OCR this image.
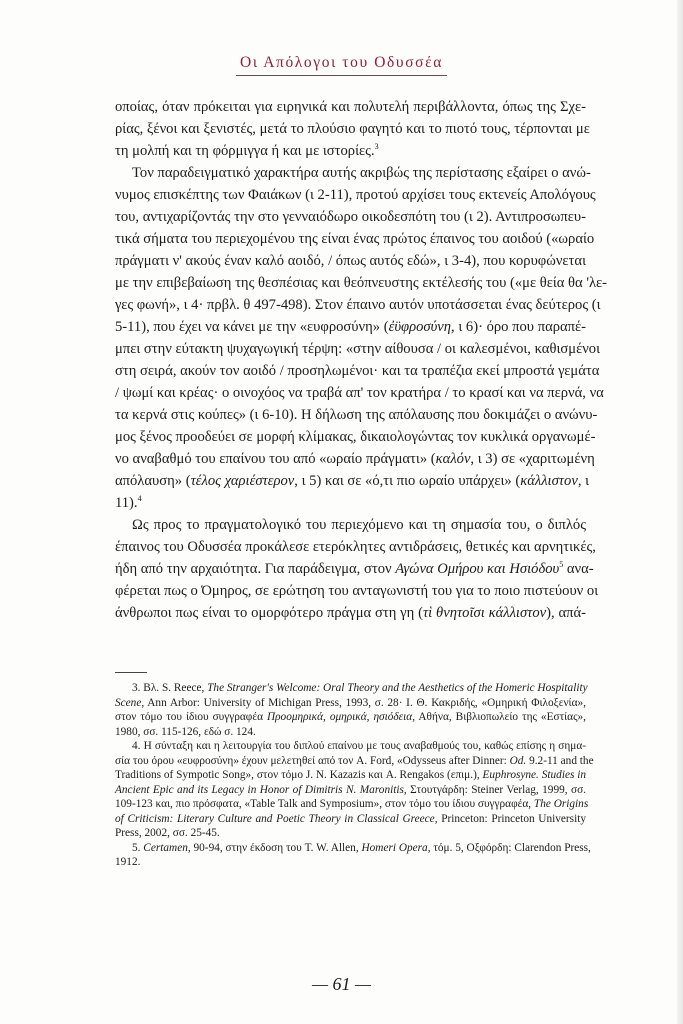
Οι Απόλογοι του Οδυσσέα
οποίας, όταν πρόκειται για ειρηνικά και πολυτελή περιβάλλοντα, όπως της Σχε-
ρίας, ξένοι και ξενιστές, μετά το πλούσιο φαγητό και το πιοτό τους, τέρπονται με
τη μολπή και τη φόρμιγγα ή και με ιστορίες.$^3$
Τον παραδειγματικό χαρακτήρα αυτής ακριβώς της περίστασης εξαίρει ο ανώ-
νυμος επισκέπτης των Φαιάκων (ι 2-11), προτού αρχίσει τους εκτενείς Απολόγους
του, αντιχαρίζοντάς την στο γενναιόδωρο οικοδεσπότη του (ι 2). Αντιπροσωπευ-
τικά σήματα του περιεχομένου της είναι ένας πρώτος έπαινος του αοιδού («ωραίο
πράγματι ν' ακούς έναν καλό αοιδό, / όπως αυτός εδώ», ι 3-4), που κορυφώνεται
με την επιβεβαίωση της θεσπέσιας και θεόπνευστης εκτέλεσής του («με θεία θα 'λε-
γες φωνή», ι 4· πρβλ. θ 497-498). Στον έπαινο αυτόν υποτάσσεται ένας δεύτερος (ι
5-11), που έχει να κάνει με την «ευφροσύνη» (ἐϋφροσύνη, ι 6)· όρο που παραπέ-
μπει στην εύτακτη ψυχαγωγική τέρψη: «στην αίθουσα / οι καλεσμένοι, καθισμένοι
στη σειρά, ακούν τον αοιδό / προσηλωμένοι· και τα τραπέζια εκεί μπροστά γεμάτα
/ ψωμί και κρέας· ο οινοχόος να τραβά απ' τον κρατήρα / το κρασί και να περνά, να
τα κερνά στις κούπες» (ι 6-10). Η δήλωση της απόλαυσης που δοκιμάζει ο ανώνυ-
μος ξένος προοδεύει σε μορφή κλίμακας, δικαιολογώντας τον κυκλικά οργανωμέ-
νο αναβαθμό του επαίνου του από «ωραίο πράγματι» (καλόν, ι 3) σε «χαριτωμένη
απόλαυση» (τέλος χαριέστερον, ι 5) και σε «ό,τι πιο ωραίο υπάρχει» (κάλλιστον, ι
11).$^4$
Ως προς το πραγματολογικό του περιεχόμενο και τη σημασία του, ο διπλός
έπαινος του Οδυσσέα προκάλεσε ετερόκλητες αντιδράσεις, θετικές και αρνητικές,
ήδη από την αρχαιότητα. Για παράδειγμα, στον Αγώνα Ομήρου και Ησιόδου$^5$ ανα-
φέρεται πως ο Όμηρος, σε ερώτηση του ανταγωνιστή του για το ποιο πιστεύουν οι
άνθρωποι πως είναι το ομορφότερο πράγμα στη γη (τὶ θνητοῖσι κάλλιστον), απά-
3. Βλ. S. Reece, The Stranger's Welcome: Oral Theory and the Aesthetics of the Homeric Hospitality
Scene, Ann Arbor: University of Michigan Press, 1993, σ. 28· Ι. Θ. Κακριδής, «Ομηρική Φιλοξενία»,
στον τόμο του ίδιου συγγραφέα Προομηρικά, ομηρικά, ησιόδεια, Αθήνα, Βιβλιοπωλείο της «Εστίας»,
1980, σσ. 115-126, εδώ σ. 124.
4. Η σύνταξη και η λειτουργία του διπλού επαίνου με τους αναβαθμούς του, καθώς επίσης η σημα-
σία του όρου «ευφροσύνη» έχουν μελετηθεί από τον A. Ford, «Odysseus after Dinner: Od. 9.2-11 and the
Traditions of Sympotic Song», στον τόμο J. N. Kazazis και A. Rengakos (επιμ.), Euphrosyne. Studies in
Ancient Epic and its Legacy in Honor of Dimitris N. Maronitis, Στουτγάρδη: Steiner Verlag, 1999, σσ.
109-123 και, πιο πρόσφατα, «Table Talk and Symposium», στον τόμο του ίδιου συγγραφέα, The Origins
of Criticism: Literary Culture and Poetic Theory in Classical Greece, Princeton: Princeton University
Press, 2002, σσ. 25-45.
5. Certamen, 90-94, στην έκδοση του T. W. Allen, Homeri Opera, τόμ. 5, Οξφόρδη: Clarendon Press,
1912.
— 61 —
